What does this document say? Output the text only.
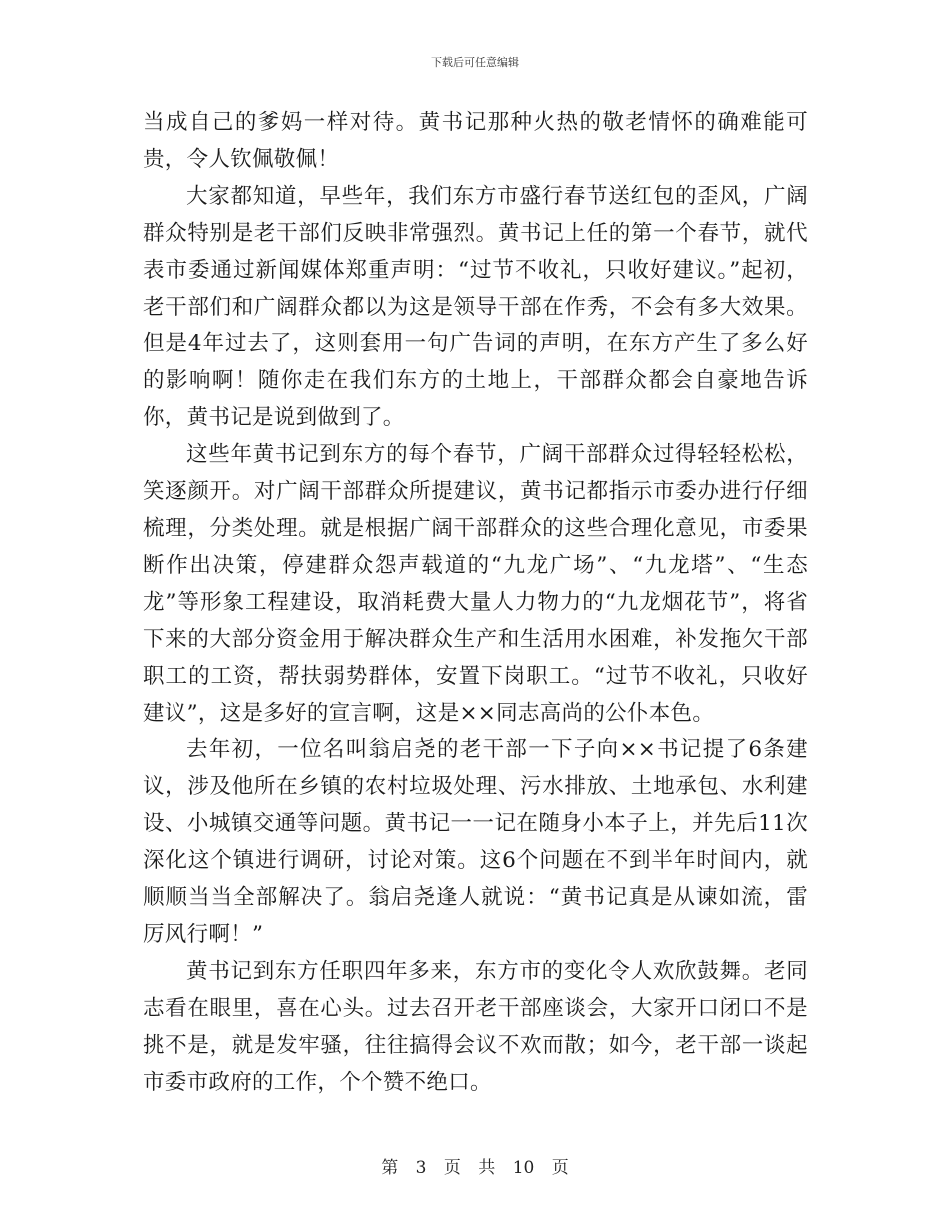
下载后可任意编辑

当成自己的爹妈一样对待。黄书记那种火热的敬老情怀的确难能可贵，令人钦佩敬佩！

大家都知道，早些年，我们东方市盛行春节送红包的歪风，广阔群众特别是老干部们反映非常强烈。黄书记上任的第一个春节，就代表市委通过新闻媒体郑重声明：“过节不收礼，只收好建议。”起初，老干部们和广阔群众都以为这是领导干部在作秀，不会有多大效果。但是4年过去了，这则套用一句广告词的声明，在东方产生了多么好的影响啊！随你走在我们东方的土地上，干部群众都会自豪地告诉你，黄书记是说到做到了。

这些年黄书记到东方的每个春节，广阔干部群众过得轻轻松松，笑逐颜开。对广阔干部群众所提建议，黄书记都指示市委办进行仔细梳理，分类处理。就是根据广阔干部群众的这些合理化意见，市委果断作出决策，停建群众怨声载道的“九龙广场”、“九龙塔”、“生态龙”等形象工程建设，取消耗费大量人力物力的“九龙烟花节”，将省下来的大部分资金用于解决群众生产和生活用水困难，补发拖欠干部职工的工资，帮扶弱势群体，安置下岗职工。“过节不收礼，只收好建议”，这是多好的宣言啊，这是××同志高尚的公仆本色。

去年初，一位名叫翁启尧的老干部一下子向××书记提了6条建议，涉及他所在乡镇的农村垃圾处理、污水排放、土地承包、水利建设、小城镇交通等问题。黄书记一一记在随身小本子上，并先后11次深化这个镇进行调研，讨论对策。这6个问题在不到半年时间内，就顺顺当当全部解决了。翁启尧逢人就说：“黄书记真是从谏如流，雷厉风行啊！”

黄书记到东方任职四年多来，东方市的变化令人欢欣鼓舞。老同志看在眼里，喜在心头。过去召开老干部座谈会，大家开口闭口不是挑不是，就是发牢骚，往往搞得会议不欢而散；如今，老干部一谈起市委市政府的工作，个个赞不绝口。

第 3 页 共 10 页
